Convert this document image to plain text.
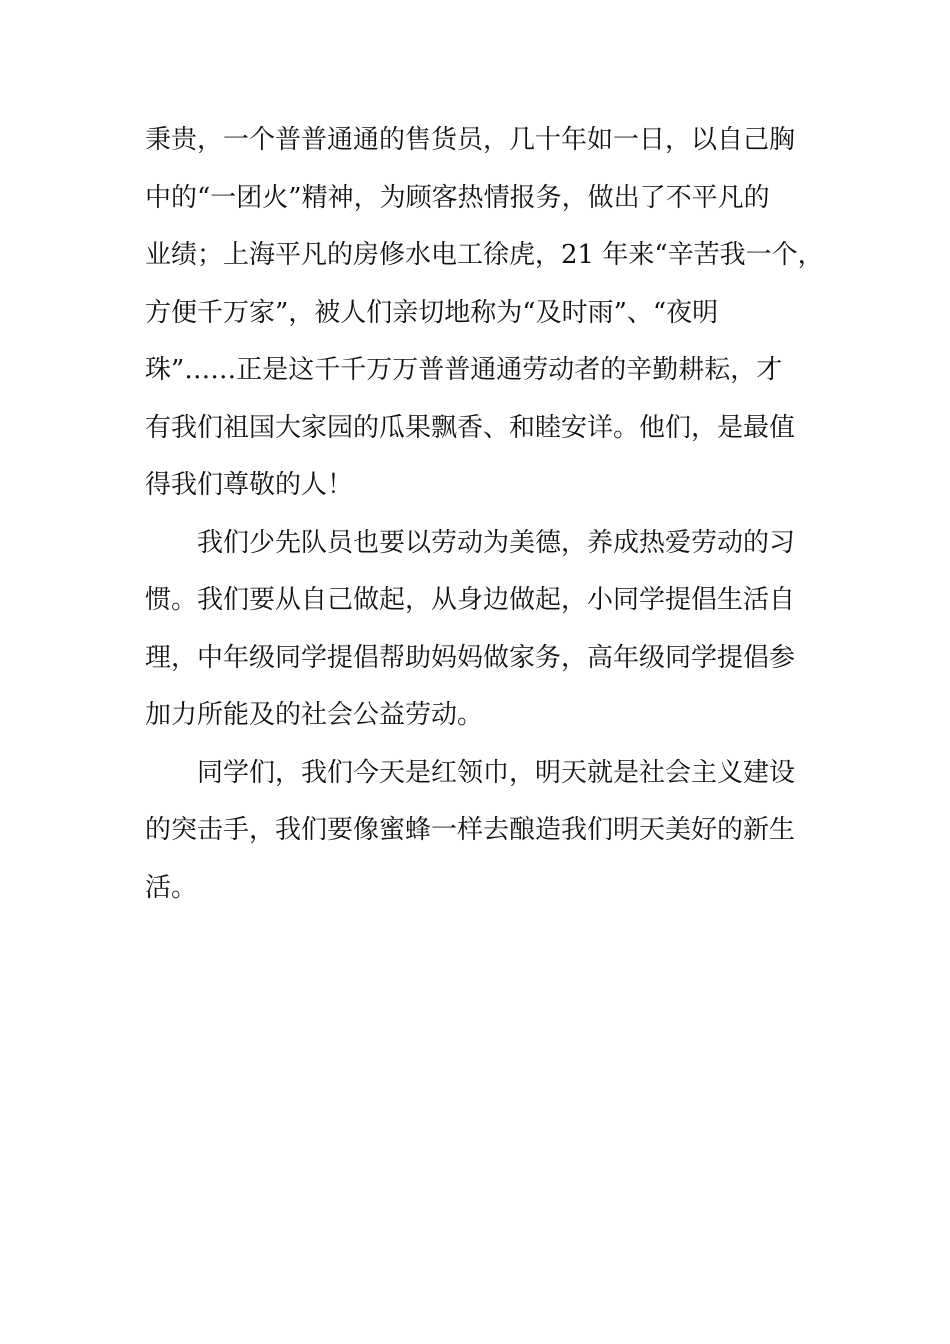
秉贵，一个普普通通的售货员，几十年如一日，以自己胸
中的“一团火”精神，为顾客热情报务，做出了不平凡的
业绩；上海平凡的房修水电工徐虎，21 年来“辛苦我一个，
方便千万家”，被人们亲切地称为“及时雨”、“夜明
珠”……正是这千千万万普普通通劳动者的辛勤耕耘，才
有我们祖国大家园的瓜果飘香、和睦安详。他们，是最值
得我们尊敬的人！
我们少先队员也要以劳动为美德，养成热爱劳动的习
惯。我们要从自己做起，从身边做起，小同学提倡生活自
理，中年级同学提倡帮助妈妈做家务，高年级同学提倡参
加力所能及的社会公益劳动。
同学们，我们今天是红领巾，明天就是社会主义建设
的突击手，我们要像蜜蜂一样去酿造我们明天美好的新生
活。
